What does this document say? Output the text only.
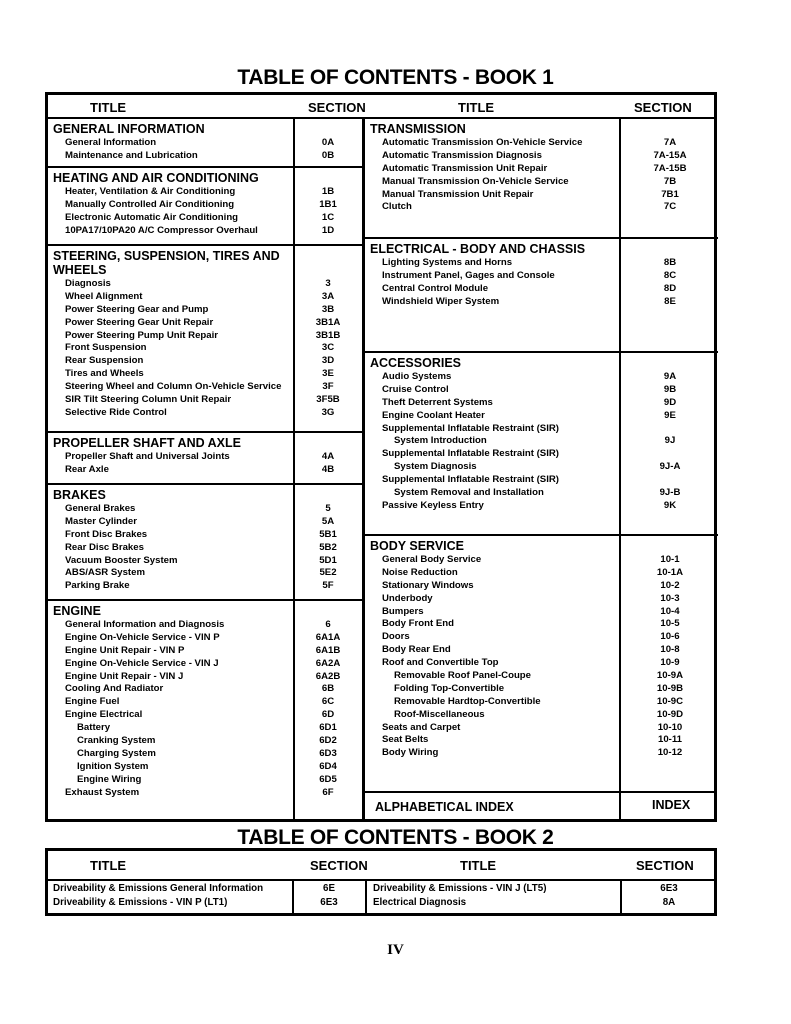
TABLE OF CONTENTS - BOOK 1
TITLE	SECTION	TITLE	SECTION
GENERAL INFORMATION
General Information	0A
Maintenance and Lubrication	0B
HEATING AND AIR CONDITIONING
Heater, Ventilation & Air Conditioning	1B
Manually Controlled Air Conditioning	1B1
Electronic Automatic Air Conditioning	1C
10PA17/10PA20 A/C Compressor Overhaul	1D
STEERING, SUSPENSION, TIRES AND WHEELS
Diagnosis	3
Wheel Alignment	3A
Power Steering Gear and Pump	3B
Power Steering Gear Unit Repair	3B1A
Power Steering Pump Unit Repair	3B1B
Front Suspension	3C
Rear Suspension	3D
Tires and Wheels	3E
Steering Wheel and Column On-Vehicle Service	3F
SIR Tilt Steering Column Unit Repair	3F5B
Selective Ride Control	3G
PROPELLER SHAFT AND AXLE
Propeller Shaft and Universal Joints	4A
Rear Axle	4B
BRAKES
General Brakes	5
Master Cylinder	5A
Front Disc Brakes	5B1
Rear Disc Brakes	5B2
Vacuum Booster System	5D1
ABS/ASR System	5E2
Parking Brake	5F
ENGINE
General Information and Diagnosis	6
Engine On-Vehicle Service - VIN P	6A1A
Engine Unit Repair - VIN P	6A1B
Engine On-Vehicle Service - VIN J	6A2A
Engine Unit Repair - VIN J	6A2B
Cooling And Radiator	6B
Engine Fuel	6C
Engine Electrical	6D
Battery	6D1
Cranking System	6D2
Charging System	6D3
Ignition System	6D4
Engine Wiring	6D5
Exhaust System	6F
TRANSMISSION
Automatic Transmission On-Vehicle Service	7A
Automatic Transmission Diagnosis	7A-15A
Automatic Transmission Unit Repair	7A-15B
Manual Transmission On-Vehicle Service	7B
Manual Transmission Unit Repair	7B1
Clutch	7C
ELECTRICAL - BODY AND CHASSIS
Lighting Systems and Horns	8B
Instrument Panel, Gages and Console	8C
Central Control Module	8D
Windshield Wiper System	8E
ACCESSORIES
Audio Systems	9A
Cruise Control	9B
Theft Deterrent Systems	9D
Engine Coolant Heater	9E
Supplemental Inflatable Restraint (SIR)
System Introduction	9J
Supplemental Inflatable Restraint (SIR)
System Diagnosis	9J-A
Supplemental Inflatable Restraint (SIR)
System Removal and Installation	9J-B
Passive Keyless Entry	9K
BODY SERVICE
General Body Service	10-1
Noise Reduction	10-1A
Stationary Windows	10-2
Underbody	10-3
Bumpers	10-4
Body Front End	10-5
Doors	10-6
Body Rear End	10-8
Roof and Convertible Top	10-9
Removable Roof Panel-Coupe	10-9A
Folding Top-Convertible	10-9B
Removable Hardtop-Convertible	10-9C
Roof-Miscellaneous	10-9D
Seats and Carpet	10-10
Seat Belts	10-11
Body Wiring	10-12
ALPHABETICAL INDEX	INDEX
TABLE OF CONTENTS - BOOK 2
TITLE	SECTION	TITLE	SECTION
Driveability & Emissions General Information	6E
Driveability & Emissions - VIN P (LT1)	6E3
Driveability & Emissions - VIN J (LT5)	6E3
Electrical Diagnosis	8A
IV
